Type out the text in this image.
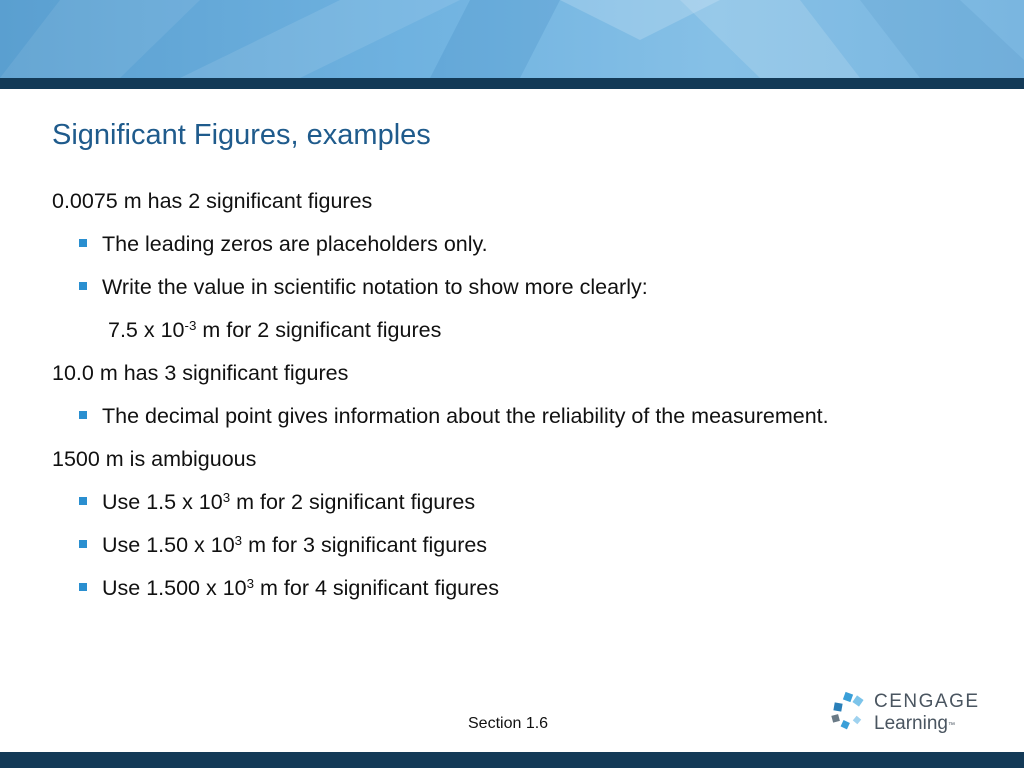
Significant Figures, examples
0.0075 m has 2 significant figures
The leading zeros are placeholders only.
Write the value in scientific notation to show more clearly:
7.5 x $10^{-3}$ m for 2 significant figures
10.0 m has 3 significant figures
The decimal point gives information about the reliability of the measurement.
1500 m is ambiguous
Use 1.5 x $10^3$ m for 2 significant figures
Use 1.50 x $10^3$ m for 3 significant figures
Use 1.500 x $10^3$ m for 4 significant figures
Section 1.6
CENGAGE
Learning™
